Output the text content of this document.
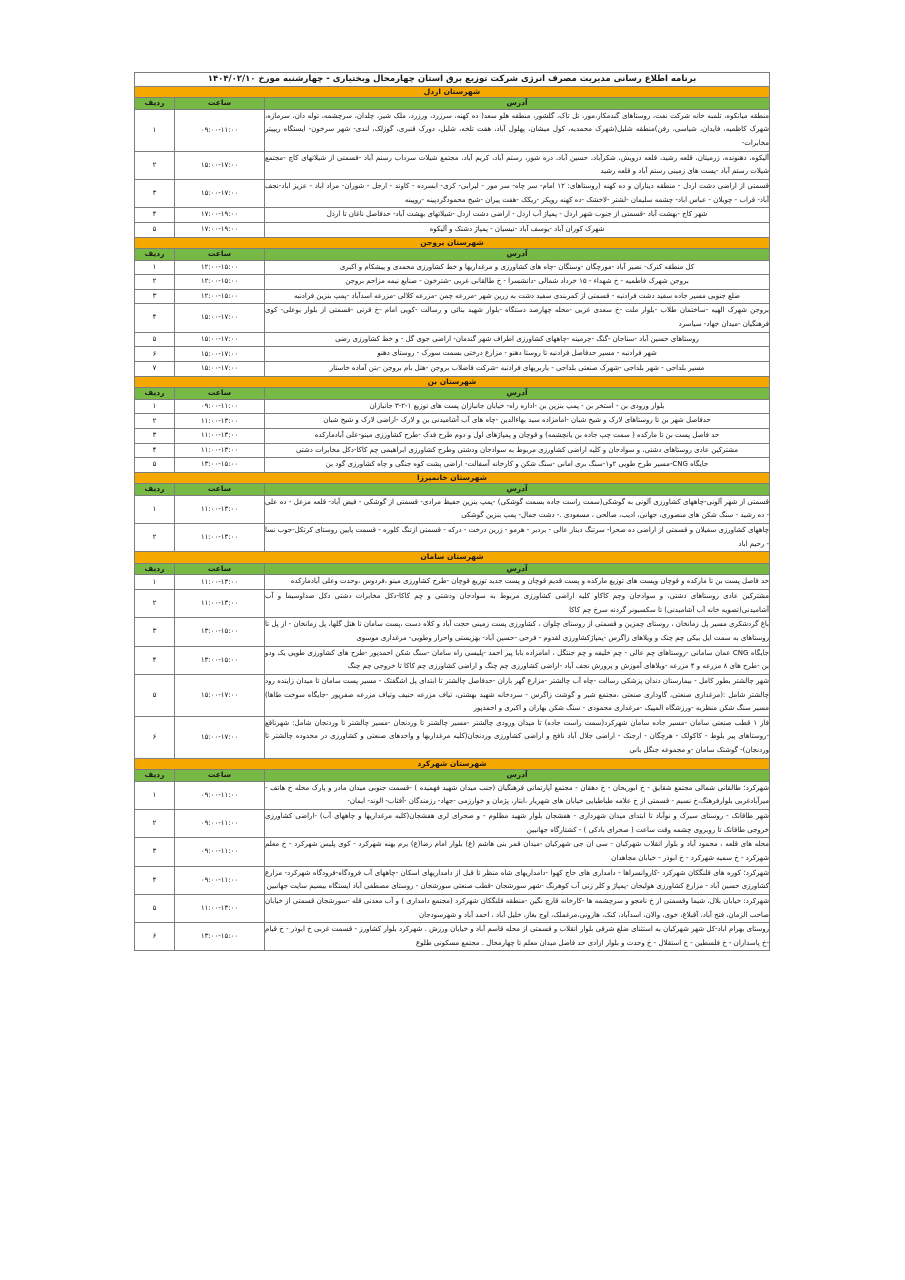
برنامه اطلاع رسانی مدیریت مصرف انرژی شرکت توزیع برق استان چهارمحال وبختیاری - چهارشنبه مورخ ۱۴۰۴/۰۲/۱۰		
شهرستان اردل		
آدرس	ساعت	ردیف
منطقه میانکوه، تلمبه خانه شرکت نفت، روستاهای گندمکار،مور، تل تاک، گلشور، منطقه هلو سعد( ده کهنه، سرزرد، ورزرد، ملک شیر، چلدان، سرچشمه، توله دان، سرمازه، شهرک کاظمیه، فایدان، شیاسی، رفن)منطقه شلیل(شهرک محمدیه، کول میشان، پهلول آباد، هفت تلخه، شلیل، دورک قنبری، گوزلک، لندی- شهر سرخون- ایستگاه ریپیتر مخابرات-	۰۹:۰۰-۱۱:۰۰	۱
آلیکوه، دهنونده، زرمیتان، قلعه رشید، قلعه درویش، شکرآباد، حسین آباد، دره شور، رستم آباد، کریم آباد، مجتمع شیلات سرداب رستم آباد -قسمتی از شیلاتهای کاچ -مجتمع شیلات رستم آباد -پست های زمینی رستم آباد و قلعه رشید	۱۵:۰۰-۱۷:۰۰	۲
قسمتی از اراضی دشت اردل - منطقه دیناران و ده کهنه (روستاهای: ۱۲ امام- سر چاه- سر مور - لیرابی- کری- ابسرده - کاوند - ارجل - شوران- مراد اباد - عزیز اباد-نجف آباد- قراب - چویلان - عباس اباد- چشمه سلیمان -لشتر -لاخشک -ده کهنه رویکر -ریکک -هفت پیران -شیخ محمودگردپینه -روپینه	۱۵:۰۰-۱۷:۰۰	۳
شهر کاج -بهشت آباد -قسمتی از جنوب شهر اردل - پمپاژ آب اردل - اراضی دشت اردل -شیلاتهای بهشت آباد- حدفاصل ناغان تا اردل	۱۷:۰۰-۱۹:۰۰	۴
شهرک کوران آباد -یوسف آباد -نیسیان - پمپاژ دشتک و آلیکوه	۱۷:۰۰-۱۹:۰۰	۵
شهرستان بروجن		
آدرس	ساعت	ردیف
کل منطقه کنرک- نصیر آباد -مورچگان -وستگان -چاه های کشاورزی و مرغداریها و خط کشاورزی محمدی و پیشکام و اکبری	۱۲:۰۰-۱۵:۰۰	۱
بروجن شهرک فاطمیه - خ شهداء - ۱۵ خرداد شمالی -دانشسرا - خ طالقانی غربی -شترخون - صنایع نیمه مزاحم بروجن	۱۲:۰۰-۱۵:۰۰	۲
ضلع جنوبی مسیر جاده سفید دشت فرادنبه - قسمتی از کمربندی سفید دشت به زرین شهر -مزرعه چمن -مزرعه کلالی -مزرعه اسدآباد -پمپ بنزین فرادنبه	۱۲:۰۰-۱۵:۰۰	۳
بروجن شهرک الهیه -ساختمان طلاب -بلوار ملت -خ سعدی غربی -محله چهارصد دستگاه -بلوار شهید بنائی و رسالت -کویی امام -خ قرنی -قسمتی از بلوار بوعلی- کوی فرهنگیان -میدان جهاد- سیاسرد	۱۵:۰۰-۱۷:۰۰	۴
روستاهای حسین آباد -سناجان -گنگ -چرمینه -چاههای کشاورزی اطراف شهر گندمان- اراضی جوی گل - و خط کشاورزی رضی	۱۵:۰۰-۱۷:۰۰	۵
شهر فرادنبه - مسیر حدفاصل فرادنبه تا روستا دهنو - مزارع درختی بسمت سورک - روستای دهنو	۱۵:۰۰-۱۷:۰۰	۶
مسیر بلداجی - شهر بلداجی -شهرک صنعتی بلداجی - باربریهای فرادنبه -شرکت فاضلاب بروجن -هتل بام بروجن -بتن آماده خاستار	۱۵:۰۰-۱۷:۰۰	۷
شهرستان بن		
آدرس	ساعت	ردیف
بلوار ورودی بن - استخر بن - پمپ بنزین بن -اداره راه- خیابان جانبازان پست های توزیع ۱-۲-۳ جانبازان	۰۹:۰۰-۱۱:۰۰	۱
حدفاصل شهر بن تا روستاهای لارک و شیخ شبان -امامزاده سید بهاءالدین -چاه های آب آشامیدنی بن و لارک -اراضی لارک و شیخ شبان	۱۱:۰۰-۱۳:۰۰	۲
حد فاصل پست بن تا مارکده ( سمت چپ جاده بن یانچشمه) و قوچان و پمپاژهای اول و دوم طرح فدک -طرح کشاورزی مینو-علی آبادمارکده	۱۱:۰۰-۱۳:۰۰	۳
مشترکین عادی روستاهای دشتی، و سوادجان و کلیه اراضی کشاورزی مربوط به سوادجان ودشتی وطرح کشاورزی ابراهیمی چم کاکا-دکل مخابرات دشتی	۱۱:۰۰-۱۳:۰۰	۴
جایگاه CNG-مسیر طرح طویی ۲و۱-سنگ بری امانی -سنگ شکن و کارخانه آسفالت- اراضی پشت کوه جنگی و چاه کشاورزی گود بن	۱۳:۰۰-۱۵:۰۰	۵
شهرستان خانمیرزا		
آدرس	ساعت	ردیف
قسمتی از شهر آلونی-چاههای کشاورزی آلونی به گوشکی(سمت راست جاده بسمت گوشکی) -پمپ بنزین حفیظ مرادی- قسمتی از گوشکی - فیض آباد- قلعه مزعل - ده علی - ده رشید - سنگ شکن های منصوری، جهانی، ادیب، صالحی ، مسعودی .- دشت جمال- پمپ بنزین گوشکی	۱۱:۰۰-۱۳:۰۰	۱
چاههای کشاورزی سفیلان و قسمتی از اراضی ده صحرا- سرتنگ دینار عالی - بردبر - هرمو - زرین درخت - درکه - قسمتی ازتنگ کلوره - قسمت پایین روستای کرتکل-جوب نسا - رحیم اباد	۱۱:۰۰-۱۳:۰۰	۲
شهرستان سامان		
آدرس	ساعت	ردیف
حد فاصل پست بن تا مارکده و قوچان وپست های توزیع مارکده و پست قدیم قوچان و پست جدید توزیع قوچان -طرح کشاورزی مینو ،فردوس ،وحدت وعلی آبادمارکده	۱۱:۰۰-۱۳:۰۰	۱
مشترکین عادی روستاهای دشتی، و سوادجان وچم کاکاو کلیه اراضی کشاورزی مربوط به سوادجان ودشتی و چم کاکا-دکل مخابرات دشتی دکل صداوسیما و آب آشامیدنی(تصویه خانه آب آشامیدنی) تا سکسیونر گردنه سرخ چم کاکا	۱۱:۰۰-۱۳:۰۰	۲
باغ گردشکری مسیر پل زمانخان ، روستای چمزین و قسمتی از روستای چلوان ، کشاورزی پست زمینی حجت آباد و کلاه دست ،پست سامان تا هتل گلها، پل زمانخان - از پل تا روستاهای به سمت ایل بیکی چم چنک و ویلاهای زاگرس -پمپاژکشاورزی لقدوم - فرحی -حسین آباد- بهزیستی واحرار وطویی- مرغداری موسوی	۱۳:۰۰-۱۵:۰۰	۳
جایگاه CNG عمان سامانی -روستاهای چم عالی - چم خلیفه و چم جنتگل ، امامزاده بابا پیر احمد -پلیسی راه سامان -سنگ شکن احمدپور -طرح های کشاورزی طویی یک ودو بن -طرح های ۸ مزرعه و ۴ مزرعه -ویلاهای آموزش و پرورش نجف آباد -اراضی کشاورزی چم چنگ و اراضی کشاورزی چم کاکا تا خروجی چم چنگ	۱۳:۰۰-۱۵:۰۰	۴
شهر چالشتر بطور کامل - بیمارستان دندان پزشکی رسالت -چاه آب چالشتر -مزارع گهر باران -حدفاصل چالشتر تا ابتدای پل اشگفتک - مسیر پست سامان تا میدان زاینده رود چالشتر شامل :(مرغداری صنعتی، گاوداری صنعتی ،مجتمع شیر و گوشت زاگرس - سردخانه شهید بهشتی، تیاف مزرعه حنیف وتیاف مزرعه صفرپور -جایگاه سوخت طاها) مسیر سنگ شکن منظریه -ورزشگاه المپیک -مرغداری محمودی - سنگ شکن بهاران و اکبری و احمدپور	۱۵:۰۰-۱۷:۰۰	۵
فاز ۱ قطب صنعتی سامان -مسیر جاده سامان شهرکرد(سمت راست جاده) تا میدان ورودی چالشتر -مسیر چالشتر تا وردنجان -مسیر چالشتر تا وردنجان شامل: شهرناقع -روستاهای پیر بلوط - کاکولک - هرچگان - ارجنک - اراضی جلال آباد نافج و اراضی کشاورزی وردنجان(کلیه مرغداریها و واحدهای صنعتی و کشاورزی در محدوده چالشتر تا وردنجان)- گوشتک سامان -و مجموعه جنگل بانی	۱۵:۰۰-۱۷:۰۰	۶
شهرستان شهرکرد		
آدرس	ساعت	ردیف
شهرکرد؛ طالقانی شمالی مجتمع شقایق - خ ابوریحان - خ دهقان - مجتمع آپارتمانی فرهنگیان (جنب میدان شهید فهمیده ) -قسمت جنوبی میدان مادر و پارک محله خ هاتف - میرآبادغربی بلوارفرهنگ،خ نسیم - قسمتی از خ علامه طباطبایی خیابان های شهریار ،ابتار، پژمان و خوارزمی -جهاد- رزمندگان -آفتاب- الوند- ایمان-	۰۹:۰۰-۱۱:۰۰	۱
شهر طاقانک - روستای سیرک و نوآباد تا ابتدای میدان شهرداری - هفشجان بلوار شهید مظلوم - و صحرای لری هفشجان(کلیه مرغداریها و چاههای آب) -اراضی کشاورزی خروجی طاقانک تا روبروی چشمه وقت ساعت ( صحرای بادکی ) - کشتارگاه جهانبین	۰۹:۰۰-۱۱:۰۰	۲
محله های قلعه ، محمود آباد و بلوار انقلاب شهرکیان - سی ان جی شهرکیان -میدان قمر بنی هاشم (ع) بلوار امام رضا(ع) برم یهنه شهرکرد - کوی پلیس شهرکرد - خ معلم شهرکرد - خ سمیه شهرکرد - خ ابوذر - خیابان مجاهدان	۰۹:۰۰-۱۱:۰۰	۳
شهرکرد؛ کوره های قلنگکان شهرکرد -کاروانسراها - دامداری های حاج کهوا -دامداریهای شاه منظر تا قبل از دامداریهای اسکان -چاههای آب فرودگاه-فرودگاه شهرکرد- مزارع کشاورزی حسین آباد - مزارع کشاورزی هولیجان -پمپاژ و کلر زنی آب کوهرنگ -شهر سورشجان -قطب صنعتی سورشجان - روستای مصطفی آباد ایستگاه بیسیم سایت جهانبین	۰۹:۰۰-۱۱:۰۰	۴
شهرکرد: خیابان بلال، شیما وقسمتی از خ نامجو و سرچشمه ها -کارخانه قارچ نگین -منطقه قلنگکان شهرکرد (مجتمع دامداری ) و آب معدنی قله -سورشجان قسمتی از خیابان صاحب الزمان، فتح آباد، آقبلاغ، خوی، والان، اسدآباد، کنک، هارونی،مرغملک، اوج بغاز، خلیل آباد ، احمد آباد و شهرسودجان	۱۱:۰۰-۱۳:۰۰	۵
روستای بهرام اباد-کل شهر شهرکیان به استثنای ضلع شرقی بلوار انقلاب و قسمتی از محله قاسم آباد و خیابان ورزش . شهرکرد بلوار کشاورز - قسمت غربی خ ابوذر - خ قیام -خ پاسداران - خ فلسطین - خ استقلال - خ وحدت و بلوار ازادی حد فاصل میدان معلم تا چهارمحال . مجتمع مسکونی طلوع	۱۳:۰۰-۱۵:۰۰	۶
